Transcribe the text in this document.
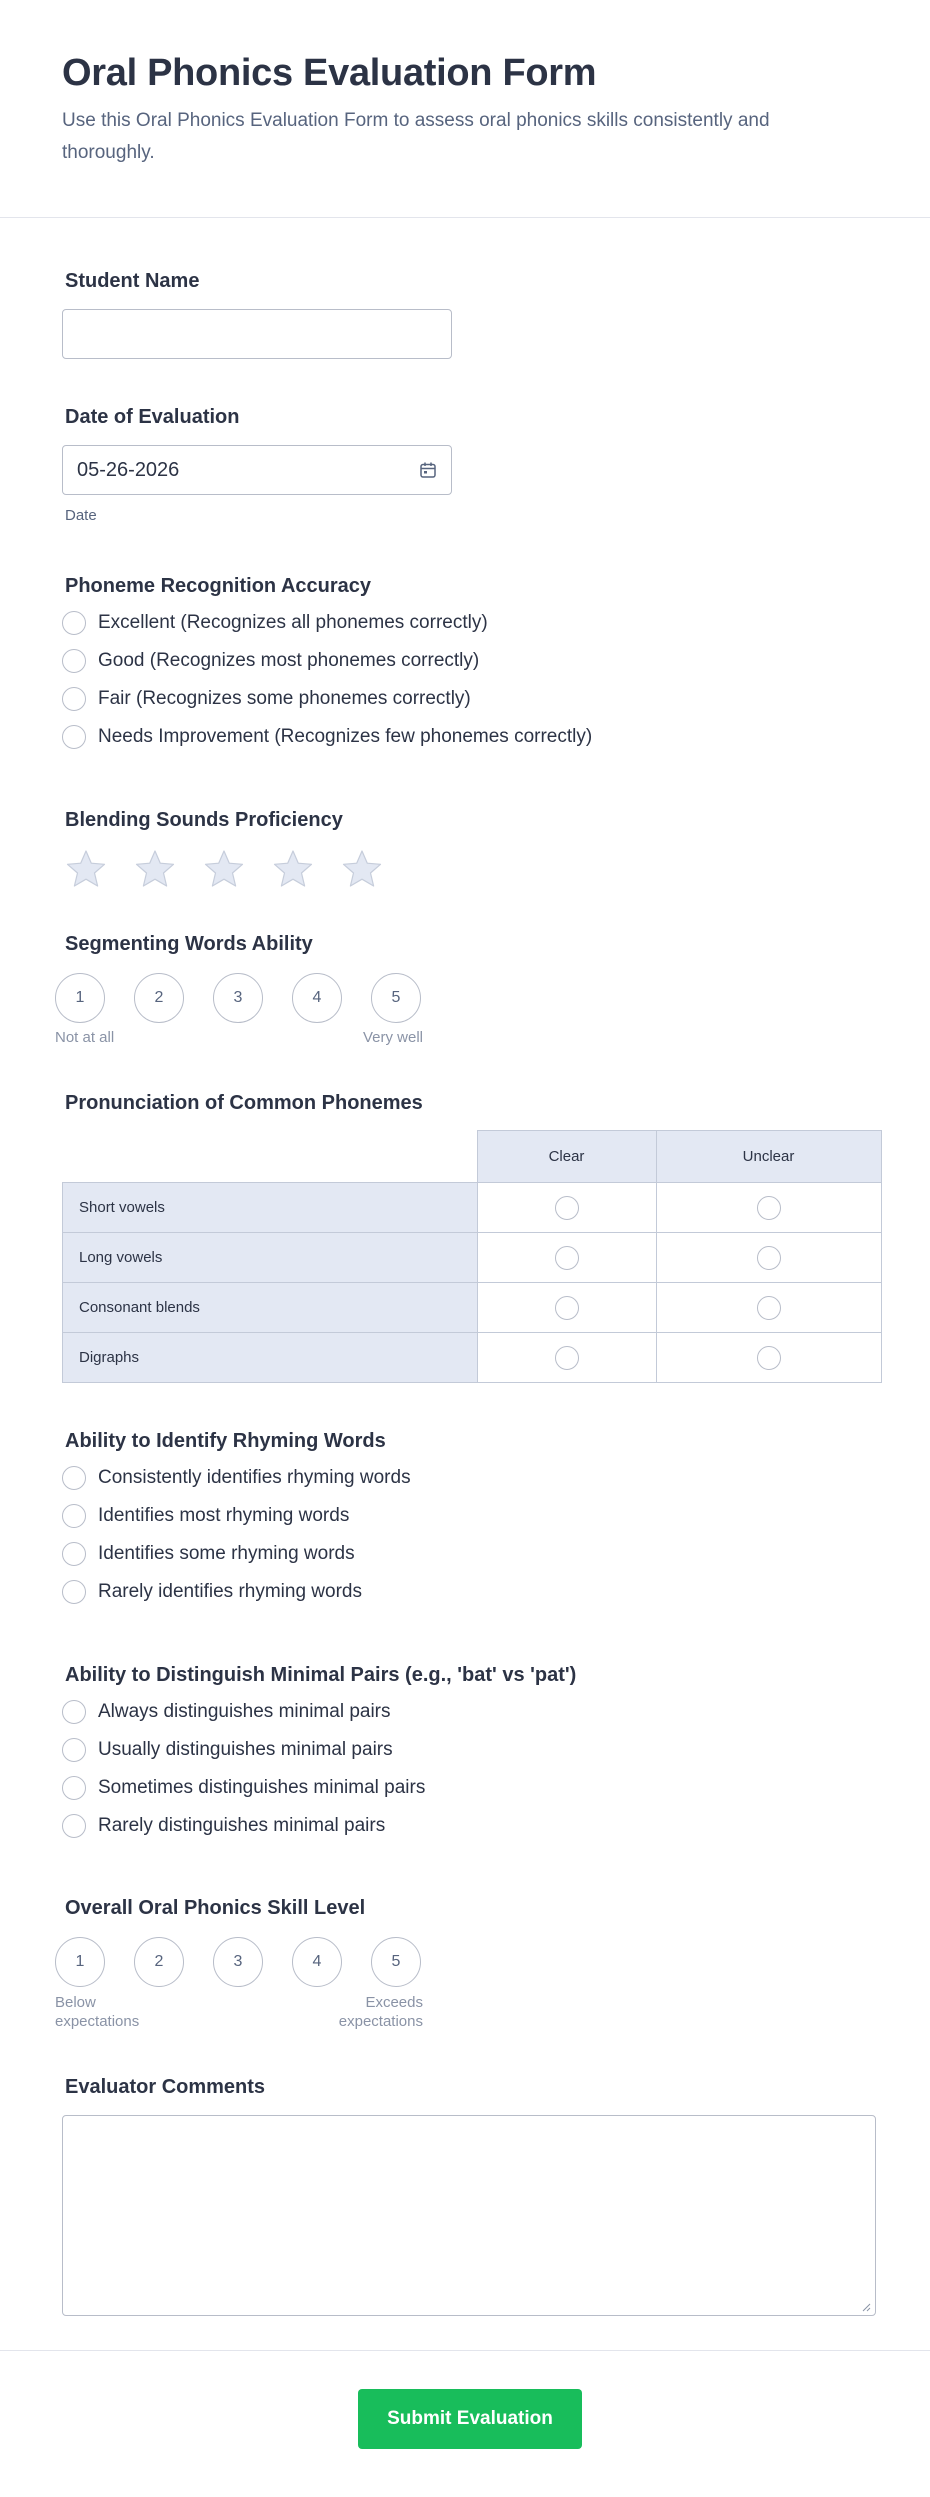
Oral Phonics Evaluation Form
Use this Oral Phonics Evaluation Form to assess oral phonics skills consistently and thoroughly.
Student Name
Date of Evaluation
05-26-2026
Date
Phoneme Recognition Accuracy
Excellent (Recognizes all phonemes correctly)
Good (Recognizes most phonemes correctly)
Fair (Recognizes some phonemes correctly)
Needs Improvement (Recognizes few phonemes correctly)
Blending Sounds Proficiency
Segmenting Words Ability
1	2	3	4	5
Not at all	Very well
Pronunciation of Common Phonemes
	Clear	Unclear
Short vowels		
Long vowels		
Consonant blends		
Digraphs		
Ability to Identify Rhyming Words
Consistently identifies rhyming words
Identifies most rhyming words
Identifies some rhyming words
Rarely identifies rhyming words
Ability to Distinguish Minimal Pairs (e.g., 'bat' vs 'pat')
Always distinguishes minimal pairs
Usually distinguishes minimal pairs
Sometimes distinguishes minimal pairs
Rarely distinguishes minimal pairs
Overall Oral Phonics Skill Level
1	2	3	4	5
Below
expectations
Exceeds
expectations
Evaluator Comments
Submit Evaluation
